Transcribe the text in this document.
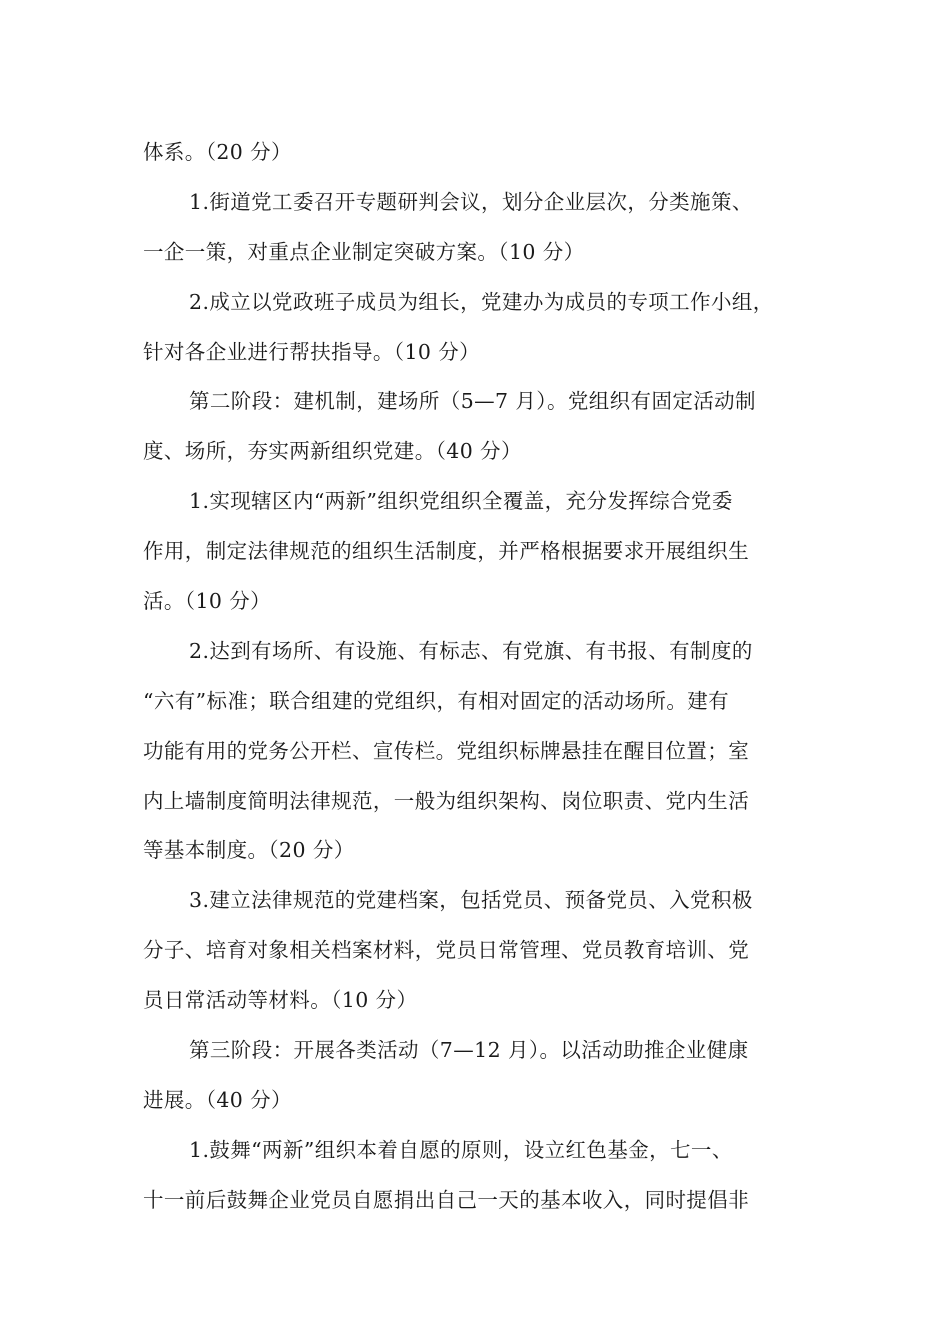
体系。（20 分）
1.街道党工委召开专题研判会议，划分企业层次，分类施策、
一企一策，对重点企业制定突破方案。（10 分）
2.成立以党政班子成员为组长，党建办为成员的专项工作小组，
针对各企业进行帮扶指导。（10 分）
第二阶段：建机制，建场所（5—7 月）。党组织有固定活动制
度、场所，夯实两新组织党建。（40 分）
1.实现辖区内“两新”组织党组织全覆盖，充分发挥综合党委
作用，制定法律规范的组织生活制度，并严格根据要求开展组织生
活。（10 分）
2.达到有场所、有设施、有标志、有党旗、有书报、有制度的
“六有”标准；联合组建的党组织，有相对固定的活动场所。建有
功能有用的党务公开栏、宣传栏。党组织标牌悬挂在醒目位置；室
内上墙制度简明法律规范，一般为组织架构、岗位职责、党内生活
等基本制度。（20 分）
3.建立法律规范的党建档案，包括党员、预备党员、入党积极
分子、培育对象相关档案材料，党员日常管理、党员教育培训、党
员日常活动等材料。（10 分）
第三阶段：开展各类活动（7—12 月）。以活动助推企业健康
进展。（40 分）
1.鼓舞“两新”组织本着自愿的原则，设立红色基金，七一、
十一前后鼓舞企业党员自愿捐出自己一天的基本收入，同时提倡非
